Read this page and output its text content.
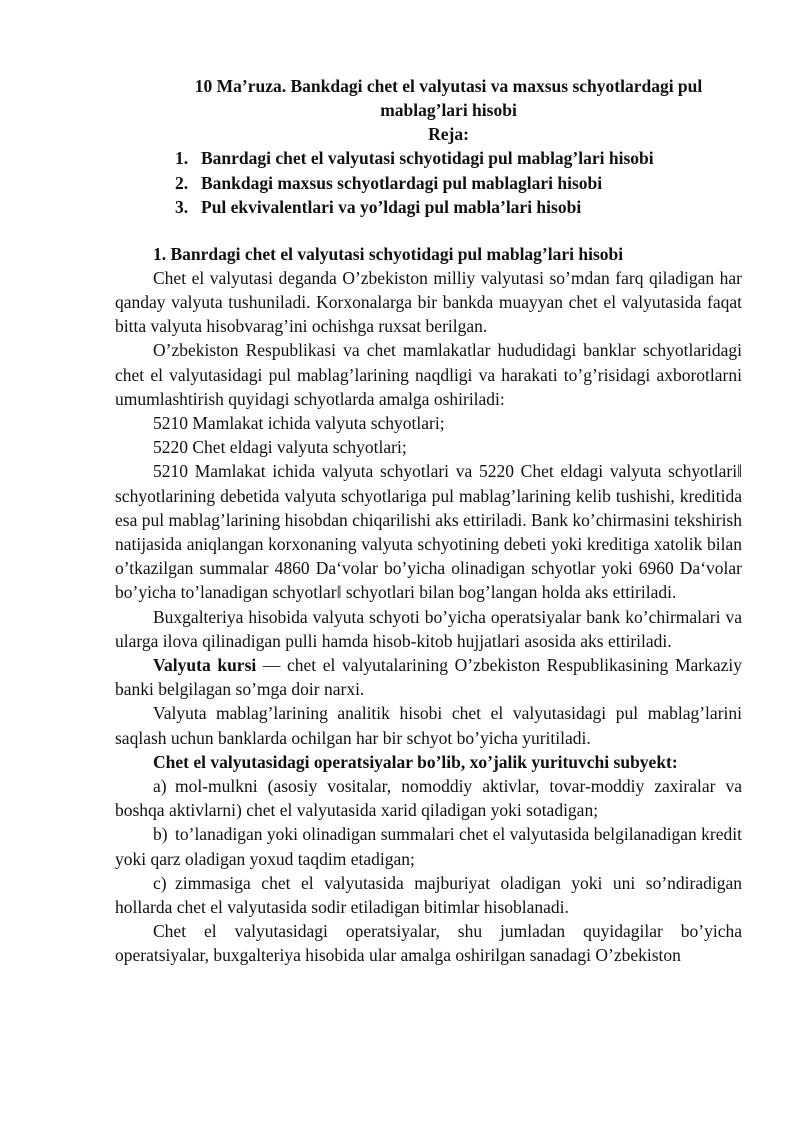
10 Ma’ruza. Bankdagi chet el valyutasi va maxsus schyotlardagi pul mablag’lari hisobi
Reja:
1. Banrdagi chet el valyutasi schyotidagi pul mablag’lari hisobi
2. Bankdagi maxsus schyotlardagi pul mablaglari hisobi
3. Pul ekvivalentlari va yo’ldagi pul mabla’lari hisobi

1. Banrdagi chet el valyutasi schyotidagi pul mablag’lari hisobi

Chet el valyutasi deganda O’zbekiston milliy valyutasi so’mdan farq qiladigan har qanday valyuta tushuniladi. Korxonalarga bir bankda muayyan chet el valyutasida faqat bitta valyuta hisobvarag’ini ochishga ruxsat berilgan.

O’zbekiston Respublikasi va chet mamlakatlar hududidagi banklar schyotlaridagi chet el valyutasidagi pul mablag’larining naqdligi va harakati to’g’risidagi axborotlarni umumlashtirish quyidagi schyotlarda amalga oshiriladi:

5210 Mamlakat ichida valyuta schyotlari;

5220 Chet eldagi valyuta schyotlari;

5210 Mamlakat ichida valyuta schyotlari va 5220 Chet eldagi valyuta schyotlari‖ schyotlarining debetida valyuta schyotlariga pul mablag’larining kelib tushishi, kreditida esa pul mablag’larining hisobdan chiqarilishi aks ettiriladi. Bank ko’chirmasini tekshirish natijasida aniqlangan korxonaning valyuta schyotining debeti yoki kreditiga xatolik bilan o’tkazilgan summalar 4860 Da‘volar bo’yicha olinadigan schyotlar yoki 6960 Da‘volar bo’yicha to’lanadigan schyotlar‖ schyotlari bilan bog’langan holda aks ettiriladi.

Buxgalteriya hisobida valyuta schyoti bo’yicha operatsiyalar bank ko’chirmalari va ularga ilova qilinadigan pulli hamda hisob-kitob hujjatlari asosida aks ettiriladi.

Valyuta kursi — chet el valyutalarining O’zbekiston Respublikasining Markaziy banki belgilagan so’mga doir narxi.

Valyuta mablag’larining analitik hisobi chet el valyutasidagi pul mablag’larini saqlash uchun banklarda ochilgan har bir schyot bo’yicha yuritiladi.

Chet el valyutasidagi operatsiyalar bo’lib, xo’jalik yurituvchi subyekt:

a) mol-mulkni (asosiy vositalar, nomoddiy aktivlar, tovar-moddiy zaxiralar va boshqa aktivlarni) chet el valyutasida xarid qiladigan yoki sotadigan;

b) to’lanadigan yoki olinadigan summalari chet el valyutasida belgilanadigan kredit yoki qarz oladigan yoxud taqdim etadigan;

c) zimmasiga chet el valyutasida majburiyat oladigan yoki uni so’ndiradigan hollarda chet el valyutasida sodir etiladigan bitimlar hisoblanadi.

Chet el valyutasidagi operatsiyalar, shu jumladan quyidagilar bo’yicha operatsiyalar, buxgalteriya hisobida ular amalga oshirilgan sanadagi O’zbekiston
